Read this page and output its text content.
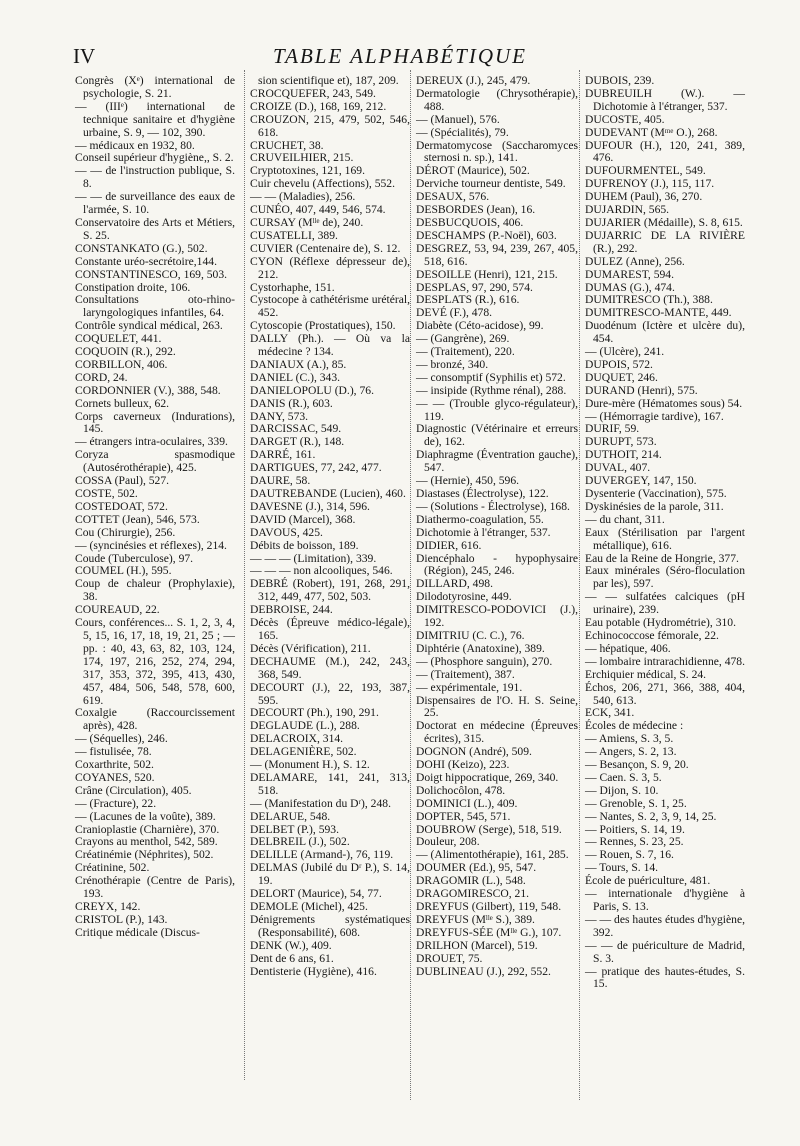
IV	TABLE ALPHABÉTIQUE

Congrès (Xᵉ) international de psychologie, S. 21.

— (IIIᵉ) international de technique sanitaire et d'hygiène urbaine, S. 9, — 102, 390.

— médicaux en 1932, 80.

Conseil supérieur d'hygiène,, S. 2.

— — de l'instruction publique, S. 8.

— — de surveillance des eaux de l'armée, S. 10.

Conservatoire des Arts et Métiers, S. 25.

CONSTANKATO (G.), 502.

Constante uréo-secrétoire,144.

CONSTANTINESCO, 169, 503.

Constipation droite, 106.

Consultations oto-rhino-laryngologiques infantiles, 64.

Contrôle syndical médical, 263.

COQUELET, 441.

COQUOIN (R.), 292.

CORBILLON, 406.

CORD, 24.

CORDONNIER (V.), 388, 548.

Cornets bulleux, 62.

Corps caverneux (Indurations), 145.

— étrangers intra-oculaires, 339.

Coryza spasmodique (Autosérothérapie), 425.

COSSA (Paul), 527.

COSTE, 502.

COSTEDOAT, 572.

COTTET (Jean), 546, 573.

Cou (Chirurgie), 256.

— (syncinésies et réflexes), 214.

Coude (Tuberculose), 97.

COUMEL (H.), 595.

Coup de chaleur (Prophylaxie), 38.

COUREAUD, 22.

Cours, conférences... S. 1, 2, 3, 4, 5, 15, 16, 17, 18, 19, 21, 25 ; — pp. : 40, 43, 63, 82, 103, 124, 174, 197, 216, 252, 274, 294, 317, 353, 372, 395, 413, 430, 457, 484, 506, 548, 578, 600, 619.

Coxalgie (Raccourcissement après), 428.

— (Séquelles), 246.

— fistulisée, 78.

Coxarthrite, 502.

COYANES, 520.

Crâne (Circulation), 405.

— (Fracture), 22.

— (Lacunes de la voûte), 389.

Cranioplastie (Charnière), 370.

Crayons au menthol, 542, 589.

Créatinémie (Néphrites), 502.

Créatinine, 502.

Crénothérapie (Centre de Paris), 193.

CREYX, 142.

CRISTOL (P.), 143.

Critique médicale (Discus-

sion scientifique et), 187, 209.

CROCQUEFER, 243, 549.

CROIZE (D.), 168, 169, 212.

CROUZON, 215, 479, 502, 546, 618.

CRUCHET, 38.

CRUVEILHIER, 215.

Cryptotoxines, 121, 169.

Cuir chevelu (Affections), 552.

— — (Maladies), 256.

CUNÉO, 407, 449, 546, 574.

CURSAY (Mˡˡᵉ de), 240.

CUSATELLI, 389.

CUVIER (Centenaire de), S. 12.

CYON (Réflexe dépresseur de), 212.

Cystorhaphe, 151.

Cystocope à cathétérisme urétéral, 452.

Cytoscopie (Prostatiques), 150.

DALLY (Ph.). — Où va la médecine ? 134.

DANIAUX (A.), 85.

DANIEL (C.), 343.

DANIELOPOLU (D.), 76.

DANIS (R.), 603.

DANY, 573.

DARCISSAC, 549.

DARGET (R.), 148.

DARRÉ, 161.

DARTIGUES, 77, 242, 477.

DAURE, 58.

DAUTREBANDE (Lucien), 460.

DAVESNE (J.), 314, 596.

DAVID (Marcel), 368.

DAVOUS, 425.

Débits de boisson, 189.

— — — (Limitation), 339.

— — — non alcooliques, 546.

DEBRÉ (Robert), 191, 268, 291, 312, 449, 477, 502, 503.

DEBROISE, 244.

Décès (Épreuve médico-légale), 165.

Décès (Vérification), 211.

DECHAUME (M.), 242, 243, 368, 549.

DECOURT (J.), 22, 193, 387, 595.

DECOURT (Ph.), 190, 291.

DEGLAUDE (L.), 288.

DELACROIX, 314.

DELAGENIÈRE, 502.

— (Monument H.), S. 12.

DELAMARE, 141, 241, 313, 518.

— (Manifestation du Dʳ), 248.

DELARUE, 548.

DELBET (P.), 593.

DELBREIL (J.), 502.

DELILLE (Armand-), 76, 119.

DELMAS (Jubilé du Dʳ P.), S. 14, 19.

DELORT (Maurice), 54, 77.

DEMOLE (Michel), 425.

Dénigrements systématiques (Responsabilité), 608.

DENK (W.), 409.

Dent de 6 ans, 61.

Dentisterie (Hygiène), 416.

DEREUX (J.), 245, 479.

Dermatologie (Chrysothérapie), 488.

— (Manuel), 576.

— (Spécialités), 79.

Dermatomycose (Saccharomyces sternosi n. sp.), 141.

DÉROT (Maurice), 502.

Derviche tourneur dentiste, 549.

DESAUX, 576.

DESBORDES (Jean), 16.

DESBUCQUOIS, 406.

DESCHAMPS (P.-Noël), 603.

DESGREZ, 53, 94, 239, 267, 405, 518, 616.

DESOILLE (Henri), 121, 215.

DESPLAS, 97, 290, 574.

DESPLATS (R.), 616.

DEVÉ (F.), 478.

Diabète (Céto-acidose), 99.

— (Gangrène), 269.

— (Traitement), 220.

— bronzé, 340.

— consomptif (Syphilis et) 572.

— insipide (Rythme rénal), 288.

— — (Trouble glyco-régulateur), 119.

Diagnostic (Vétérinaire et erreurs de), 162.

Diaphragme (Éventration gauche), 547.

— (Hernie), 450, 596.

Diastases (Électrolyse), 122.

— (Solutions - Électrolyse), 168.

Diathermo-coagulation, 55.

Dichotomie à l'étranger, 537.

DIDIER, 616.

Diencéphalo - hypophysaire (Région), 245, 246.

DILLARD, 498.

Dilodotyrosine, 449.

DIMITRESCO-PODOVICI (J.), 192.

DIMITRIU (C. C.), 76.

Diphtérie (Anatoxine), 389.

— (Phosphore sanguin), 270.

— (Traitement), 387.

— expérimentale, 191.

Dispensaires de l'O. H. S. Seine, 25.

Doctorat en médecine (Épreuves écrites), 315.

DOGNON (André), 509.

DOHI (Keizo), 223.

Doigt hippocratique, 269, 340.

Dolichocôlon, 478.

DOMINICI (L.), 409.

DOPTER, 545, 571.

DOUBROW (Serge), 518, 519.

Douleur, 208.

— (Alimentothérapie), 161, 285.

DOUMER (Ed.), 95, 547.

DRAGOMIR (L.), 548.

DRAGOMIRESCO, 21.

DREYFUS (Gilbert), 119, 548.

DREYFUS (Mˡˡᵉ S.), 389.

DREYFUS-SÉE (Mˡˡᵉ G.), 107.

DRILHON (Marcel), 519.

DROUET, 75.

DUBLINEAU (J.), 292, 552.

DUBOIS, 239.

DUBREUILH (W.). — Dichotomie à l'étranger, 537.

DUCOSTE, 405.

DUDEVANT (Mᵐᵉ O.), 268.

DUFOUR (H.), 120, 241, 389, 476.

DUFOURMENTEL, 549.

DUFRENOY (J.), 115, 117.

DUHEM (Paul), 36, 270.

DUJARDIN, 565.

DUJARIER (Médaille), S. 8, 615.

DUJARRIC DE LA RIVIÈRE (R.), 292.

DULEZ (Anne), 256.

DUMAREST, 594.

DUMAS (G.), 474.

DUMITRESCO (Th.), 388.

DUMITRESCO-MANTE, 449.

Duodénum (Ictère et ulcère du), 454.

— (Ulcère), 241.

DUPOIS, 572.

DUQUET, 246.

DURAND (Henri), 575.

Dure-mère (Hématomes sous) 54.

— (Hémorragie tardive), 167.

DURIF, 59.

DURUPT, 573.

DUTHOIT, 214.

DUVAL, 407.

DUVERGEY, 147, 150.

Dysenterie (Vaccination), 575.

Dyskinésies de la parole, 311.

— du chant, 311.

Eaux (Stérilisation par l'argent métallique), 616.

Eau de la Reine de Hongrie, 377.

Eaux minérales (Séro-floculation par les), 597.

— — sulfatées calciques (pH urinaire), 239.

Eau potable (Hydrométrie), 310.

Echinococcose fémorale, 22.

— hépatique, 406.

— lombaire intrarachidienne, 478.

Erchiquier médical, S. 24.

Échos, 206, 271, 366, 388, 404, 540, 613.

ECK, 341.

Écoles de médecine :

— Amiens, S. 3, 5.

— Angers, S. 2, 13.

— Besançon, S. 9, 20.

— Caen. S. 3, 5.

— Dijon, S. 10.

— Grenoble, S. 1, 25.

— Nantes, S. 2, 3, 9, 14, 25.

— Poitiers, S. 14, 19.

— Rennes, S. 23, 25.

— Rouen, S. 7, 16.

— Tours, S. 14.

École de puériculture, 481.

— internationale d'hygiène à Paris, S. 13.

— — des hautes études d'hygiène, 392.

— — de puériculture de Madrid, S. 3.

— pratique des hautes-études, S. 15.
